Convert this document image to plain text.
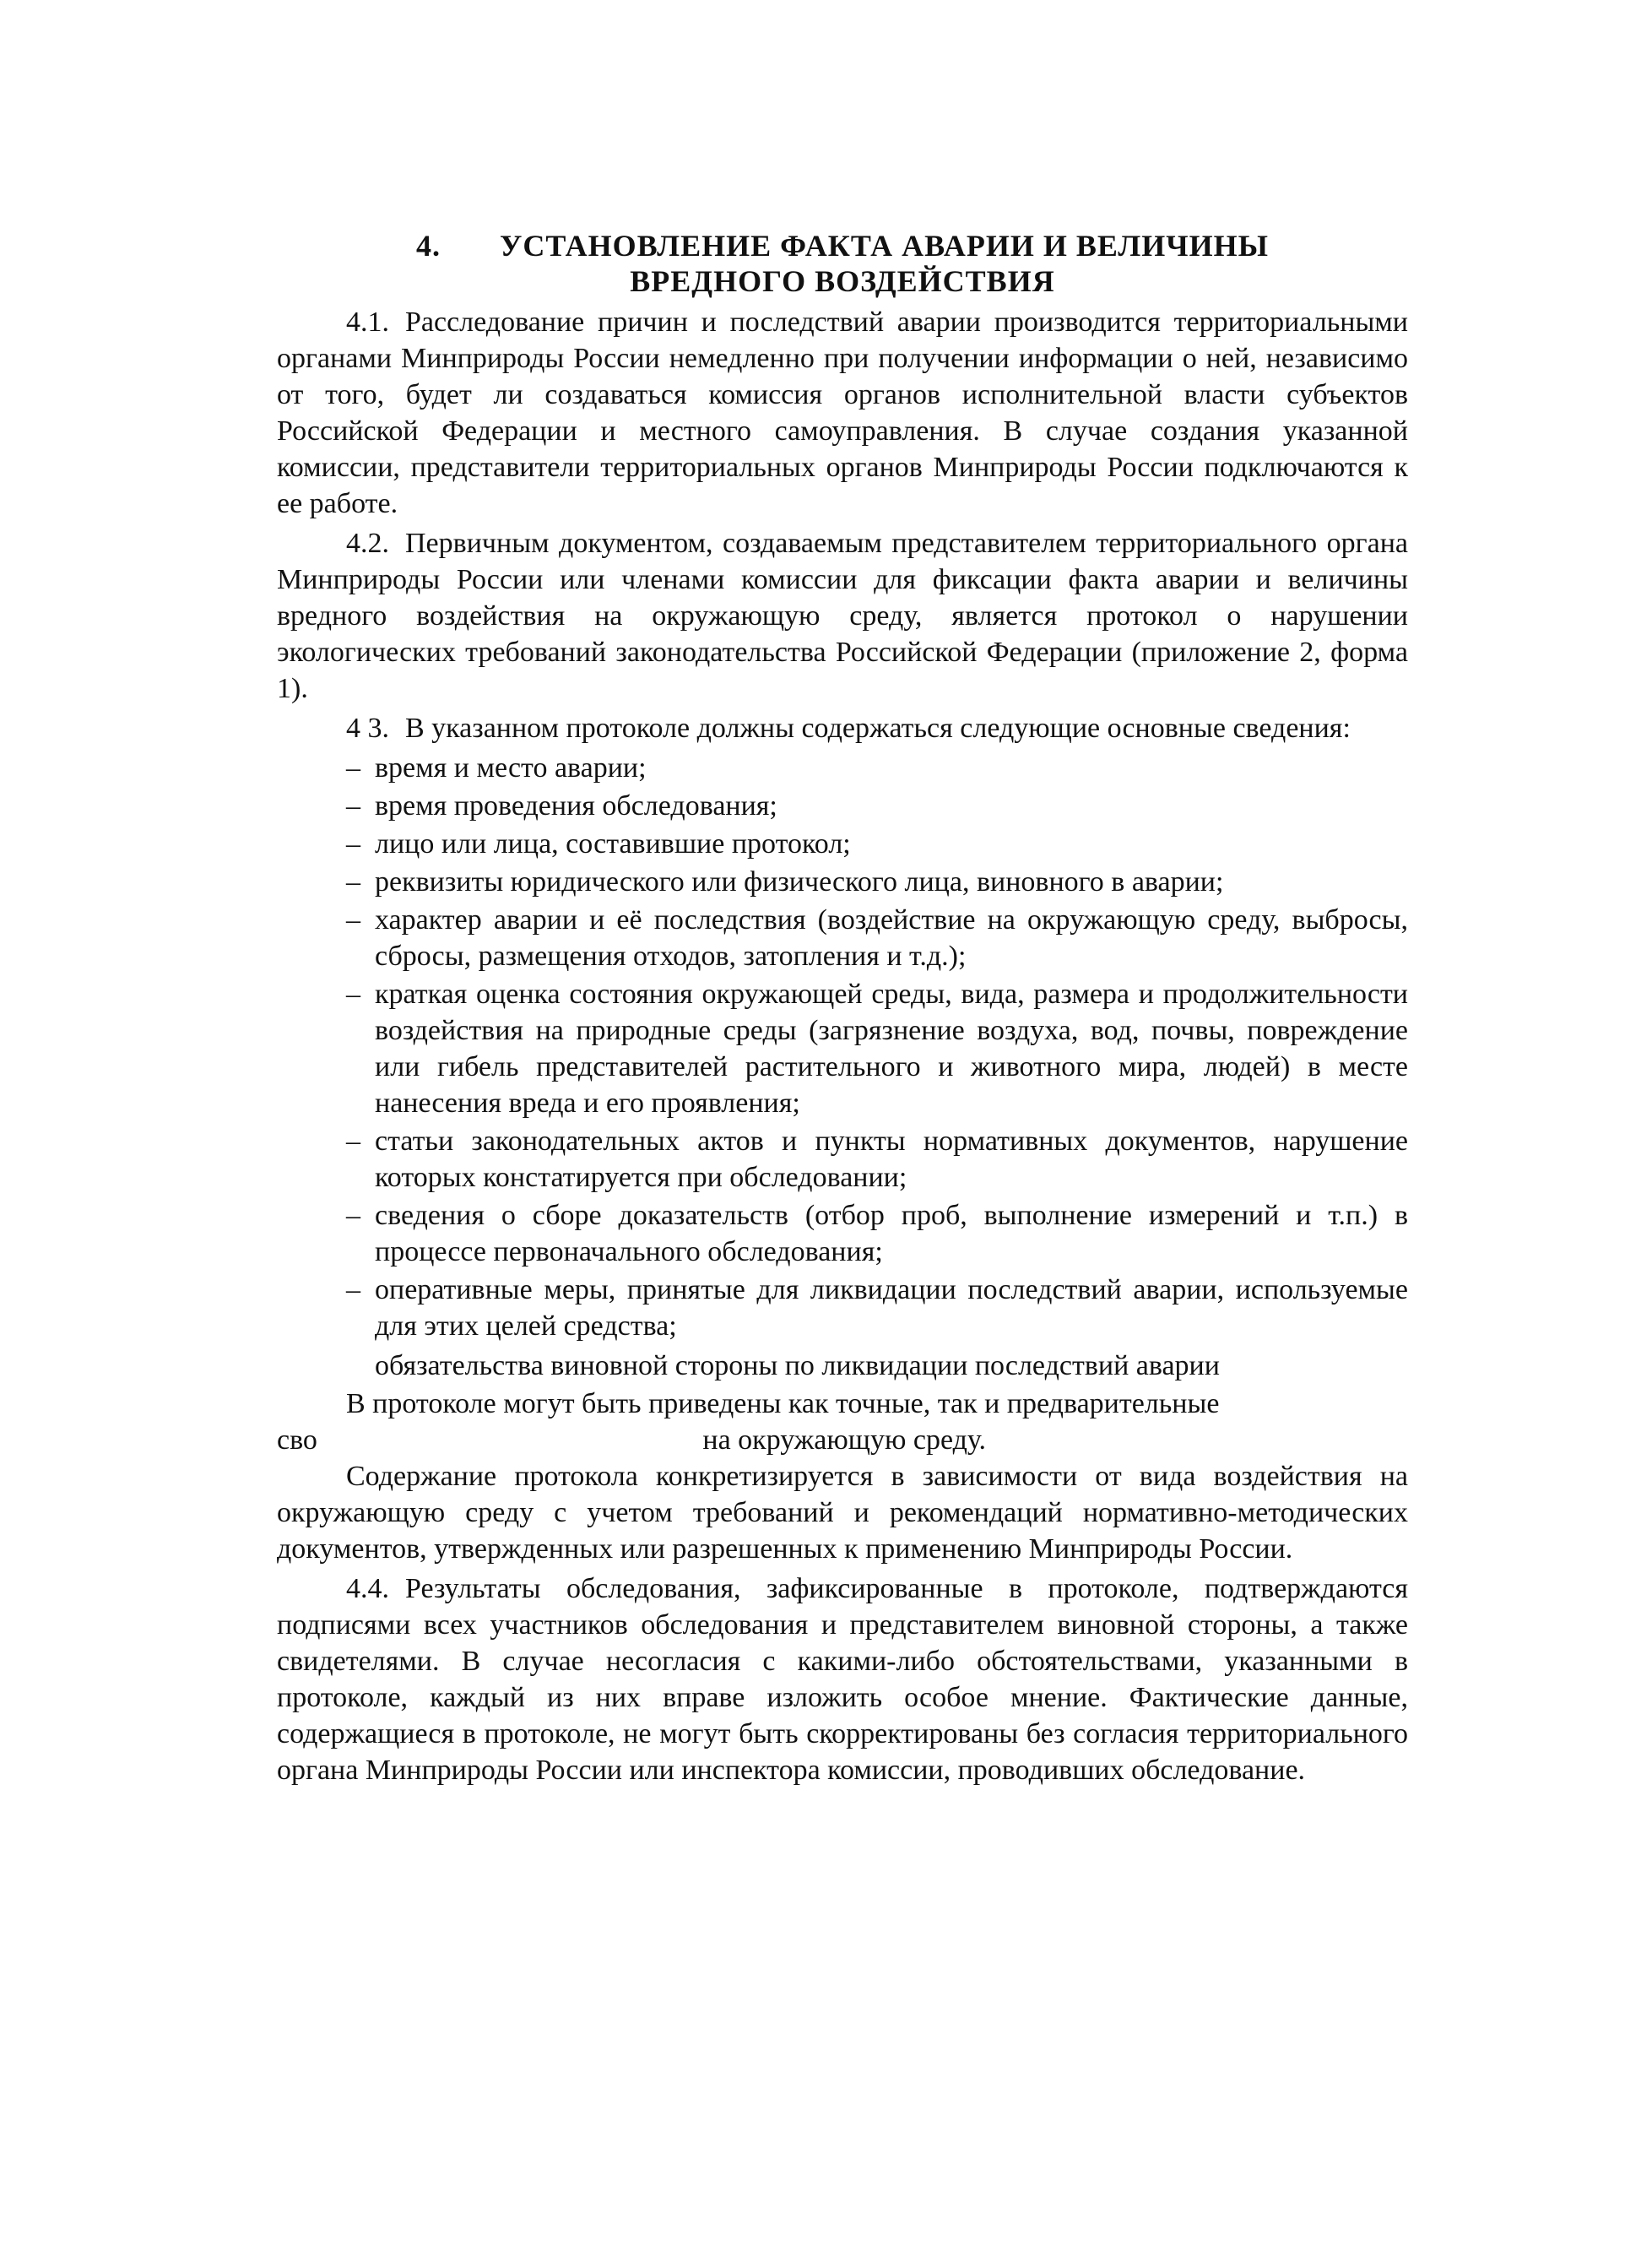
4. УСТАНОВЛЕНИЕ ФАКТА АВАРИИ И ВЕЛИЧИНЫ
ВРЕДНОГО ВОЗДЕЙСТВИЯ

4.1. Расследование причин и последствий аварии производится территориальными органами Минприроды России немедленно при получении информации о ней, независимо от того, будет ли создаваться комиссия органов исполнительной власти субъектов Российской Федерации и местного самоуправления. В случае создания указанной комиссии, представители территориальных органов Минприроды России подключаются к ее работе.

4.2. Первичным документом, создаваемым представителем территориального органа Минприроды России или членами комиссии для фиксации факта аварии и величины вредного воздействия на окружающую среду, является протокол о нарушении экологических требований законодательства Российской Федерации (приложение 2, форма 1).

4 3. В указанном протоколе должны содержаться следующие основные сведения:

– время и место аварии;
– время проведения обследования;
– лицо или лица, составившие протокол;
– реквизиты юридического или физического лица, виновного в аварии;
– характер аварии и её последствия (воздействие на окружающую среду, выбросы, сбросы, размещения отходов, затопления и т.д.);
– краткая оценка состояния окружающей среды, вида, размера и продолжительности воздействия на природные среды (загрязнение воздуха, вод, почвы, повреждение или гибель представителей растительного и животного мира, людей) в месте нанесения вреда и его проявления;
– статьи законодательных актов и пункты нормативных документов, нарушение которых констатируется при обследовании;
– сведения о сборе доказательств (отбор проб, выполнение измерений и т.п.) в процессе первоначального обследования;
– оперативные меры, принятые для ликвидации последствий аварии, используемые для этих целей средства;

обязательства виновной стороны по ликвидации последствий аварии

В протоколе могут быть приведены как точные, так и предварительные

сво	на окружающую среду.

Содержание протокола конкретизируется в зависимости от вида воздействия на окружающую среду с учетом требований и рекомендаций нормативно-методических документов, утвержденных или разрешенных к применению Минприроды России.

4.4. Результаты обследования, зафиксированные в протоколе, подтверждаются подписями всех участников обследования и представителем виновной стороны, а также свидетелями. В случае несогласия с какими-либо обстоятельствами, указанными в протоколе, каждый из них вправе изложить особое мнение. Фактические данные, содержащиеся в протоколе, не могут быть скорректированы без согласия территориального органа Минприроды России или инспектора комиссии, проводивших обследование.
